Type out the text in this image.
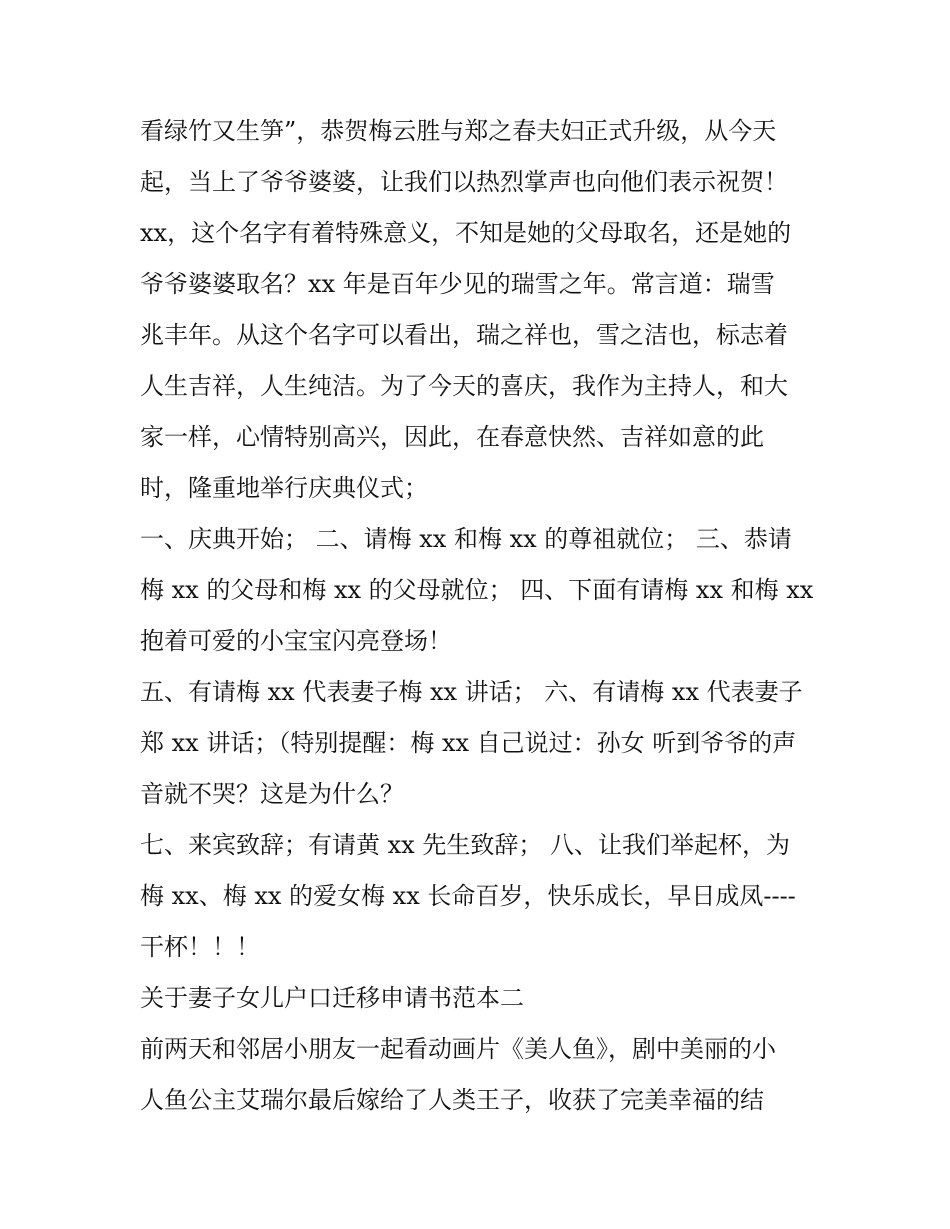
看绿竹又生笋”，恭贺梅云胜与郑之春夫妇正式升级，从今天
起，当上了爷爷婆婆，让我们以热烈掌声也向他们表示祝贺！
xx，这个名字有着特殊意义，不知是她的父母取名，还是她的
爷爷婆婆取名？xx 年是百年少见的瑞雪之年。常言道：瑞雪
兆丰年。从这个名字可以看出，瑞之祥也，雪之洁也，标志着
人生吉祥，人生纯洁。为了今天的喜庆，我作为主持人，和大
家一样，心情特别高兴，因此，在春意快然、吉祥如意的此
时，隆重地举行庆典仪式；
一、庆典开始； 二、请梅 xx 和梅 xx 的尊祖就位； 三、恭请
梅 xx 的父母和梅 xx 的父母就位； 四、下面有请梅 xx 和梅 xx
抱着可爱的小宝宝闪亮登场！
五、有请梅 xx 代表妻子梅 xx 讲话； 六、有请梅 xx 代表妻子
郑 xx 讲话；（特别提醒：梅 xx 自己说过：孙女 听到爷爷的声
音就不哭？这是为什么？
七、来宾致辞；有请黄 xx 先生致辞； 八、让我们举起杯，为
梅 xx、梅 xx 的爱女梅 xx 长命百岁，快乐成长，早日成凤----
干杯！！！
关于妻子女儿户口迁移申请书范本二
前两天和邻居小朋友一起看动画片《美人鱼》，剧中美丽的小
人鱼公主艾瑞尔最后嫁给了人类王子，收获了完美幸福的结
